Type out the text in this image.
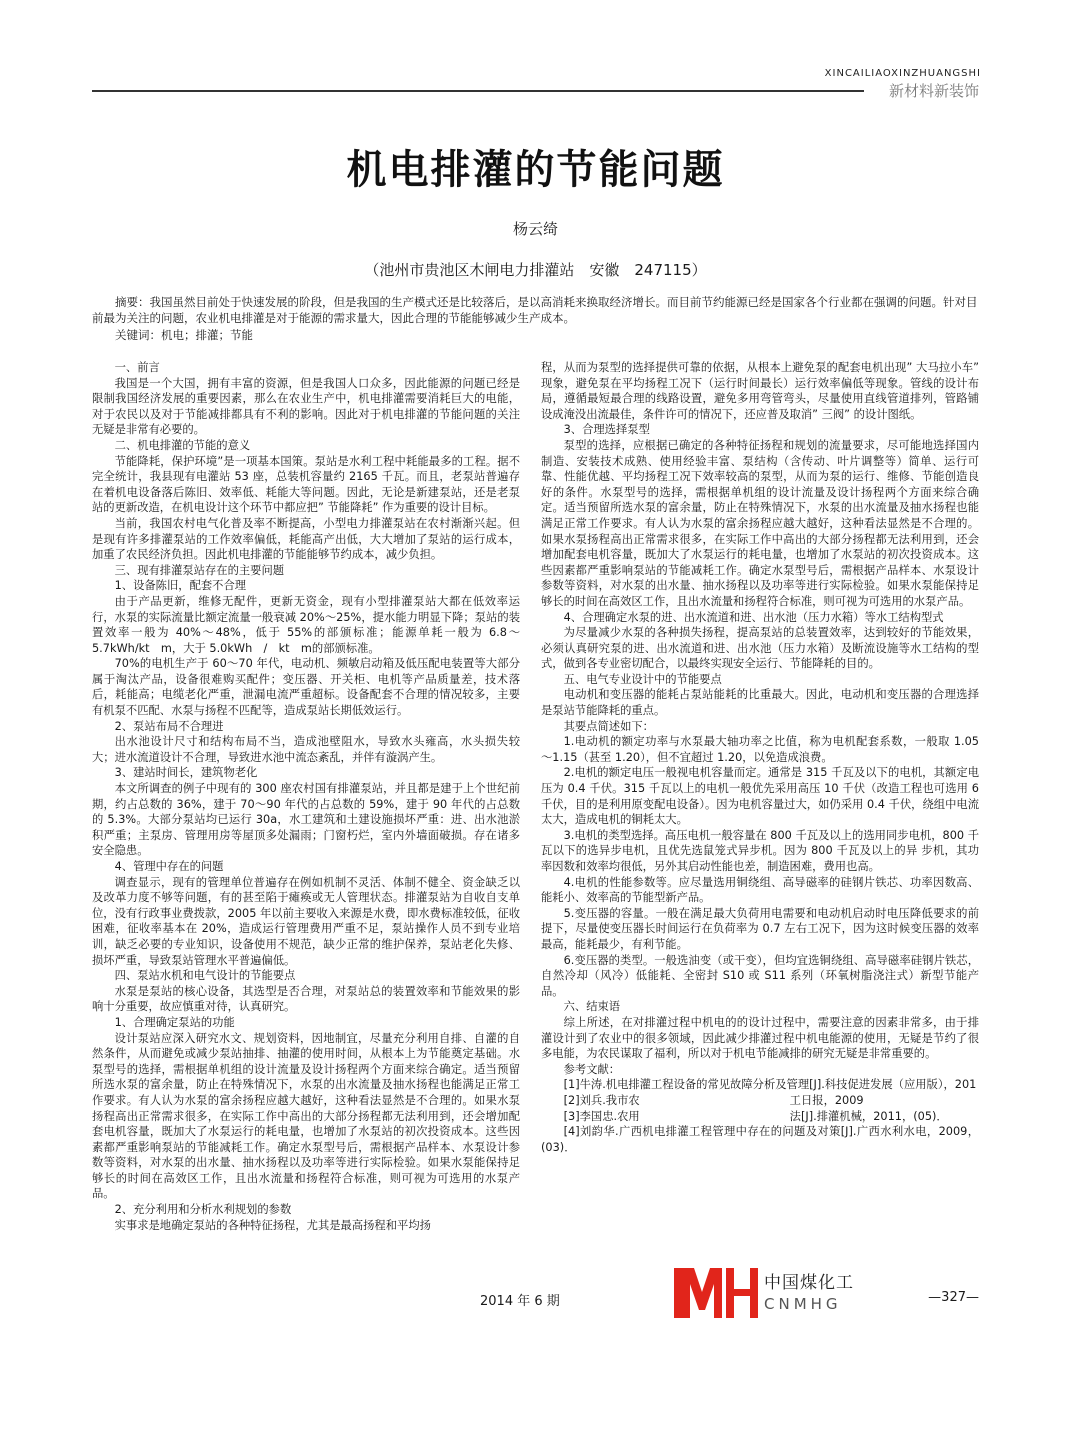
XINCAILIAOXINZHUANGSHI
新材料新装饰
机电排灌的节能问题
杨云绮
（池州市贵池区木闸电力排灌站　安徽　247115）

摘要：我国虽然目前处于快速发展的阶段，但是我国的生产模式还是比较落后，是以高消耗来换取经济增长。而目前节约能源已经是国家各个行业都在强调的问题。针对目前最为关注的问题，农业机电排灌是对于能源的需求量大，因此合理的节能能够减少生产成本。

关键词：机电；排灌；节能

一、前言

我国是一个大国，拥有丰富的资源，但是我国人口众多，因此能源的问题已经是限制我国经济发展的重要因素，那么在农业生产中，机电排灌需要消耗巨大的电能，对于农民以及对于节能减排都具有不利的影响。因此对于机电排灌的节能问题的关注无疑是非常有必要的。

二、机电排灌的节能的意义

节能降耗，保护环境”是一项基本国策。泵站是水利工程中耗能最多的工程。据不完全统计，我县现有电灌站 53 座，总装机容量约 2165 千瓦。而且，老泵站普遍存在着机电设备落后陈旧、效率低、耗能大等问题。因此，无论是新建泵站，还是老泵站的更新改造，在机电设计这个环节中都应把” 节能降耗” 作为重要的设计目标。

当前，我国农村电气化普及率不断提高，小型电力排灌泵站在农村渐渐兴起。但是现有许多排灌泵站的工作效率偏低，耗能高产出低，大大增加了泵站的运行成本，加重了农民经济负担。因此机电排灌的节能能够节约成本，减少负担。

三、现有排灌泵站存在的主要问题

1、设备陈旧，配套不合理

由于产品更新，维修无配件，更新无资金，现有小型排灌泵站大都在低效率运行，水泵的实际流量比额定流量一般衰减 20%～25%，提水能力明显下降；泵站的装置效率一般为 40%～48%，低于 55%的部颁标准；能源单耗一般为 6.8～5.7kWh/kt　m，大于 5.0kWh　/　kt　m的部颁标准。

70%的电机生产于 60～70 年代，电动机、频敏启动箱及低压配电装置等大部分属于淘汰产品，设备很难购买配件；变压器、开关柜、电机等产品质量差，技术落后，耗能高；电缆老化严重，泄漏电流严重超标。设备配套不合理的情况较多，主要有机泵不匹配、水泵与扬程不匹配等，造成泵站长期低效运行。

2、泵站布局不合理进

出水池设计尺寸和结构布局不当，造成池壁阻水，导致水头雍高，水头损失较大；进水流道设计不合理，导致进水池中流态紊乱，并伴有漩涡产生。

3、建站时间长，建筑物老化

本文所调查的例子中现有的 300 座农村国有排灌泵站，并且都是建于上个世纪前期，约占总数的 36%，建于 70～90 年代的占总数的 59%，建于 90 年代的占总数的 5.3%。大部分泵站均已运行 30a，水工建筑和土建设施损坏严重：进、出水池淤积严重；主泵房、管理用房等屋顶多处漏雨；门窗朽烂，室内外墙面破损。存在诸多安全隐患。

4、管理中存在的问题

调查显示，现有的管理单位普遍存在例如机制不灵活、体制不健全、资金缺乏以及改革力度不够等问题，有的甚至陷于瘫痪或无人管理状态。排灌泵站为自收自支单位，没有行政事业费拨款，2005 年以前主要收入来源是水费，即水费标准较低，征收困难，征收率基本在 20%，造成运行管理费用严重不足，泵站操作人员不到专业培训，缺乏必要的专业知识，设备使用不规范，缺少正常的维护保养，泵站老化失修、损坏严重，导致泵站管理水平普遍偏低。

四、泵站水机和电气设计的节能要点

水泵是泵站的核心设备，其选型是否合理，对泵站总的装置效率和节能效果的影响十分重要，故应慎重对待，认真研究。

1、合理确定泵站的功能

设计泵站应深入研究水文、规划资料，因地制宜，尽量充分利用自排、自灌的自然条件，从而避免或减少泵站抽排、抽灌的使用时间，从根本上为节能奠定基础。水泵型号的选择，需根据单机组的设计流量及设计扬程两个方面来综合确定。适当预留所选水泵的富余量，防止在特殊情况下，水泵的出水流量及抽水扬程也能满足正常工作要求。有人认为水泵的富余扬程应越大越好，这种看法显然是不合理的。如果水泵扬程高出正常需求很多，在实际工作中高出的大部分扬程都无法利用到，还会增加配套电机容量，既加大了水泵运行的耗电量，也增加了水泵站的初次投资成本。这些因素都严重影响泵站的节能减耗工作。确定水泵型号后，需根据产品样本、水泵设计参数等资料，对水泵的出水量、抽水扬程以及功率等进行实际检验。如果水泵能保持足够长的时间在高效区工作，且出水流量和扬程符合标准，则可视为可选用的水泵产品。

2、充分利用和分析水利规划的参数

实事求是地确定泵站的各种特征扬程，尤其是最高扬程和平均扬

程，从而为泵型的选择提供可靠的依据，从根本上避免泵的配套电机出现” 大马拉小车” 现象，避免泵在平均扬程工况下（运行时间最长）运行效率偏低等现象。管线的设计布局，遵循最短最合理的线路设置，避免多用弯管弯头，尽量使用直线管道排列，管路铺设成淹没出流最佳，条件许可的情况下，还应普及取消” 三阀” 的设计图纸。

3、合理选择泵型

泵型的选择，应根据已确定的各种特征扬程和规划的流量要求，尽可能地选择国内制造、安装技术成熟、使用经验丰富、泵结构（含传动、叶片调整等）简单、运行可靠、性能优越、平均扬程工况下效率较高的泵型，从而为泵的运行、维修、节能创造良好的条件。水泵型号的选择，需根据单机组的设计流量及设计扬程两个方面来综合确定。适当预留所选水泵的富余量，防止在特殊情况下，水泵的出水流量及抽水扬程也能满足正常工作要求。有人认为水泵的富余扬程应越大越好，这种看法显然是不合理的。如果水泵扬程高出正常需求很多，在实际工作中高出的大部分扬程都无法利用到，还会增加配套电机容量，既加大了水泵运行的耗电量，也增加了水泵站的初次投资成本。这些因素都严重影响泵站的节能减耗工作。确定水泵型号后，需根据产品样本、水泵设计参数等资料，对水泵的出水量、抽水扬程以及功率等进行实际检验。如果水泵能保持足够长的时间在高效区工作，且出水流量和扬程符合标准，则可视为可选用的水泵产品。

4、合理确定水泵的进、出水流道和进、出水池（压力水箱）等水工结构型式

为尽量减少水泵的各种损失扬程，提高泵站的总装置效率，达到较好的节能效果，必须认真研究泵的进、出水流道和进、出水池（压力水箱）及断流设施等水工结构的型式，做到各专业密切配合，以最终实现安全运行、节能降耗的目的。

五、电气专业设计中的节能要点

电动机和变压器的能耗占泵站能耗的比重最大。因此，电动机和变压器的合理选择是泵站节能降耗的重点。

其要点简述如下：

1.电动机的额定功率与水泵最大轴功率之比值，称为电机配套系数，一般取 1.05 ～1.15（甚至 1.20），但不宜超过 1.20，以免造成浪费。

2.电机的额定电压一般视电机容量而定。通常是 315 千瓦及以下的电机，其额定电压为 0.4 千伏。315 千瓦以上的电机一般优先采用高压 10 千伏（改造工程也可选用 6 千伏，目的是利用原变配电设备）。因为电机容量过大，如仍采用 0.4 千伏，绕组中电流太大，造成电机的铜耗太大。

3.电机的类型选择。高压电机一般容量在 800 千瓦及以上的选用同步电机，800 千瓦以下的选异步电机，且优先选鼠笼式异步机。因为 800 千瓦及以上的异 步机，其功率因数和效率均很低，另外其启动性能也差，制造困难，费用也高。

4.电机的性能参数等。应尽量选用铜绕组、高导磁率的硅钢片铁芯、功率因数高、能耗小、效率高的节能型新产品。

5.变压器的容量。一般在满足最大负荷用电需要和电动机启动时电压降低要求的前提下，尽量使变压器长时间运行在负荷率为 0.7 左右工况下，因为这时候变压器的效率最高，能耗最少，有利节能。

6.变压器的类型。一般选油变（或干变），但均宜选铜绕组、高导磁率硅钢片铁芯，自然冷却（风冷）低能耗、全密封 S10 或 S11 系列（环氧树脂浇注式）新型节能产品。

六、结束语

综上所述，在对排灌过程中机电的的设计过程中，需要注意的因素非常多，由于排灌设计到了农业中的很多领域，因此减少排灌过程中机电能源的使用，无疑是节约了很多电能，为农民谋取了福利，所以对于机电节能减排的研究无疑是非常重要的。

参考文献：

[1]牛涛.机电排灌工程设备的常见故障分析及管理[J].科技促进发展（应用版），201

[2]刘兵.我市农	工日报，2009

[3]李国忠.农用	法[J].排灌机械，2011，(05)．

[4]刘韵华.广西机电排灌工程管理中存在的问题及对策[J].广西水利水电，2009，(03)．

中国煤化工
CNMHG
2014 年 6 期	—327—
